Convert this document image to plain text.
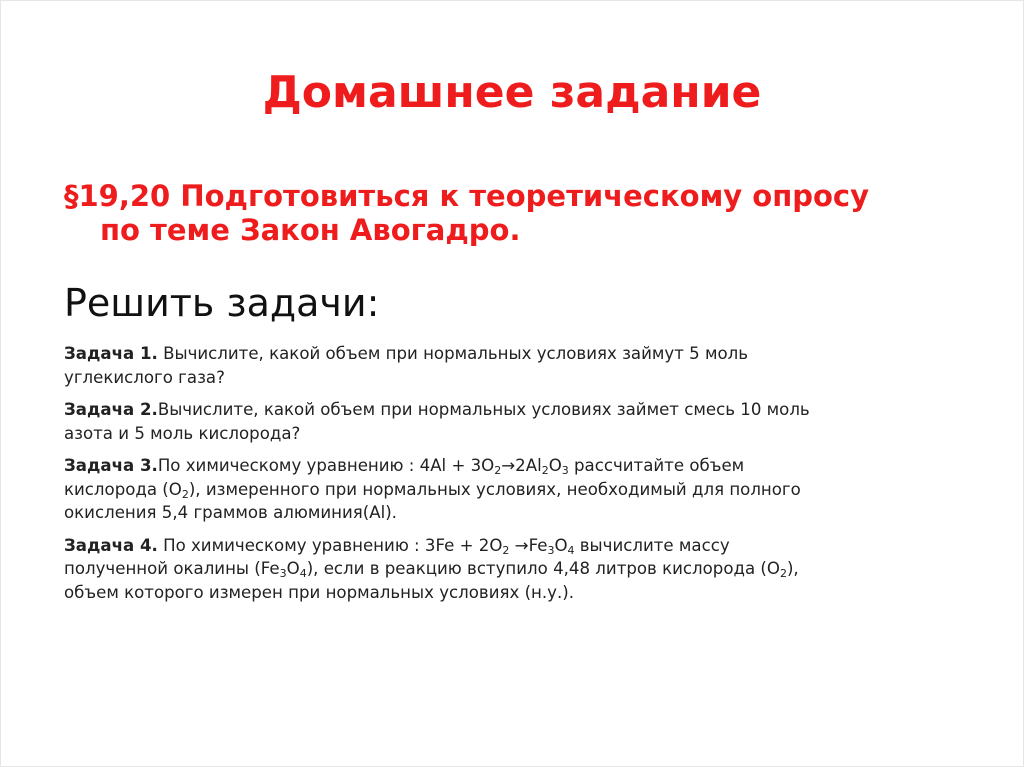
Домашнее задание
§19,20 Подготовиться к теоретическому опросу
по теме Закон Авогадро.
Решить задачи:
Задача 1. Вычислите, какой объем при нормальных условиях займут 5 моль
углекислого газа?
Задача 2.Вычислите, какой объем при нормальных условиях займет смесь 10 моль
азота и 5 моль кислорода?
Задача 3.По химическому уравнению : $4Al + 3O_2\to 2Al_2O_3$ рассчитайте объем
кислорода $(O_2)$, измеренного при нормальных условиях, необходимый для полного
окисления 5,4 граммов алюминия(Al).
Задача 4. По химическому уравнению : $3Fe + 2O_2 \to Fe_3O_4$ вычислите массу
полученной окалины $(Fe_3O_4)$, если в реакцию вступило 4,48 литров кислорода $(O_2)$,
объем которого измерен при нормальных условиях (н.у.).
